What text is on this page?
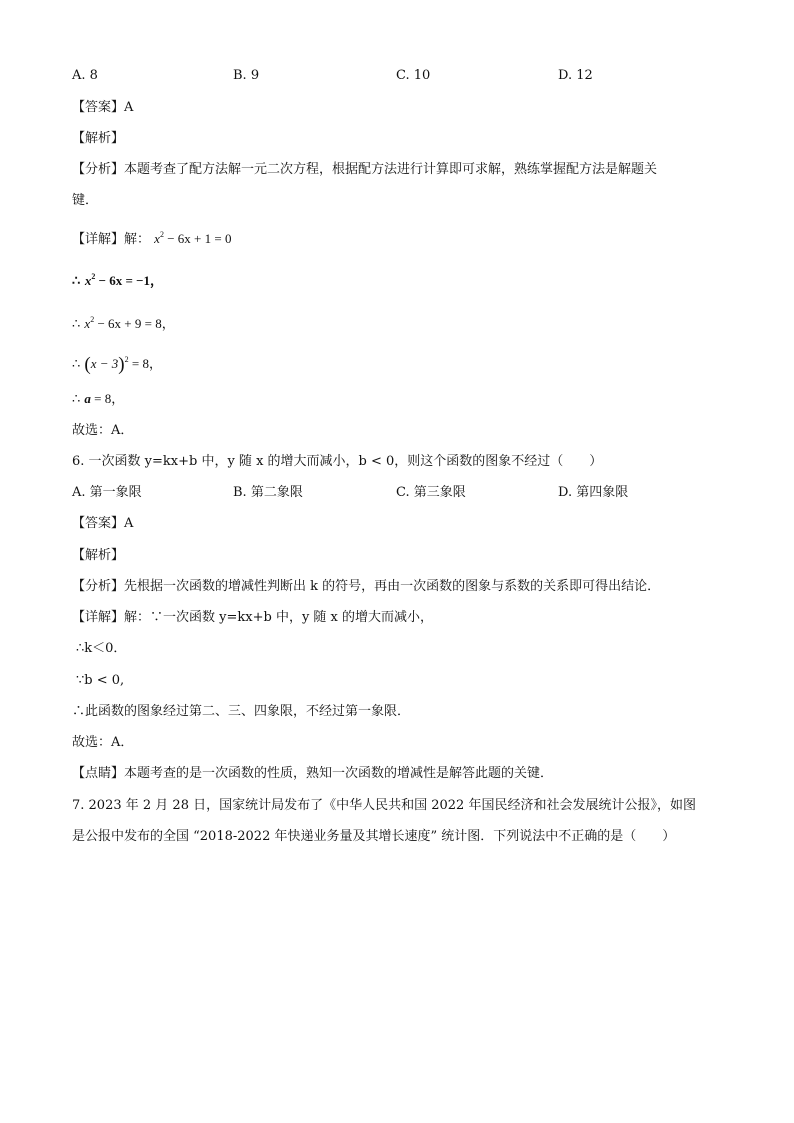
A. 8	B. 9	C. 10	D. 12
【答案】A
【解析】
【分析】本题考查了配方法解一元二次方程，根据配方法进行计算即可求解，熟练掌握配方法是解题关
键．
【详解】解： $x^2 - 6x + 1 = 0$
∴ $x^2 - 6x = -1$，
∴ $x^2 - 6x + 9 = 8$，
∴ $(x - 3)^2 = 8$，
∴ a = 8，
故选：A．
6. 一次函数 y=kx+b 中，y 随 x 的增大而减小，b < 0，则这个函数的图象不经过（　　）
A. 第一象限	B. 第二象限	C. 第三象限	D. 第四象限
【答案】A
【解析】
【分析】先根据一次函数的增减性判断出 k 的符号，再由一次函数的图象与系数的关系即可得出结论．
【详解】解：∵一次函数 y=kx+b 中，y 随 x 的增大而减小，
∴k＜0．
∵b < 0,
∴此函数的图象经过第二、三、四象限，不经过第一象限．
故选：A．
【点睛】本题考查的是一次函数的性质，熟知一次函数的增减性是解答此题的关键．
7. 2023 年 2 月 28 日，国家统计局发布了《中华人民共和国 2022 年国民经济和社会发展统计公报》，如图
是公报中发布的全国 “2018-2022 年快递业务量及其增长速度” 统计图．下列说法中不正确的是（　　）
